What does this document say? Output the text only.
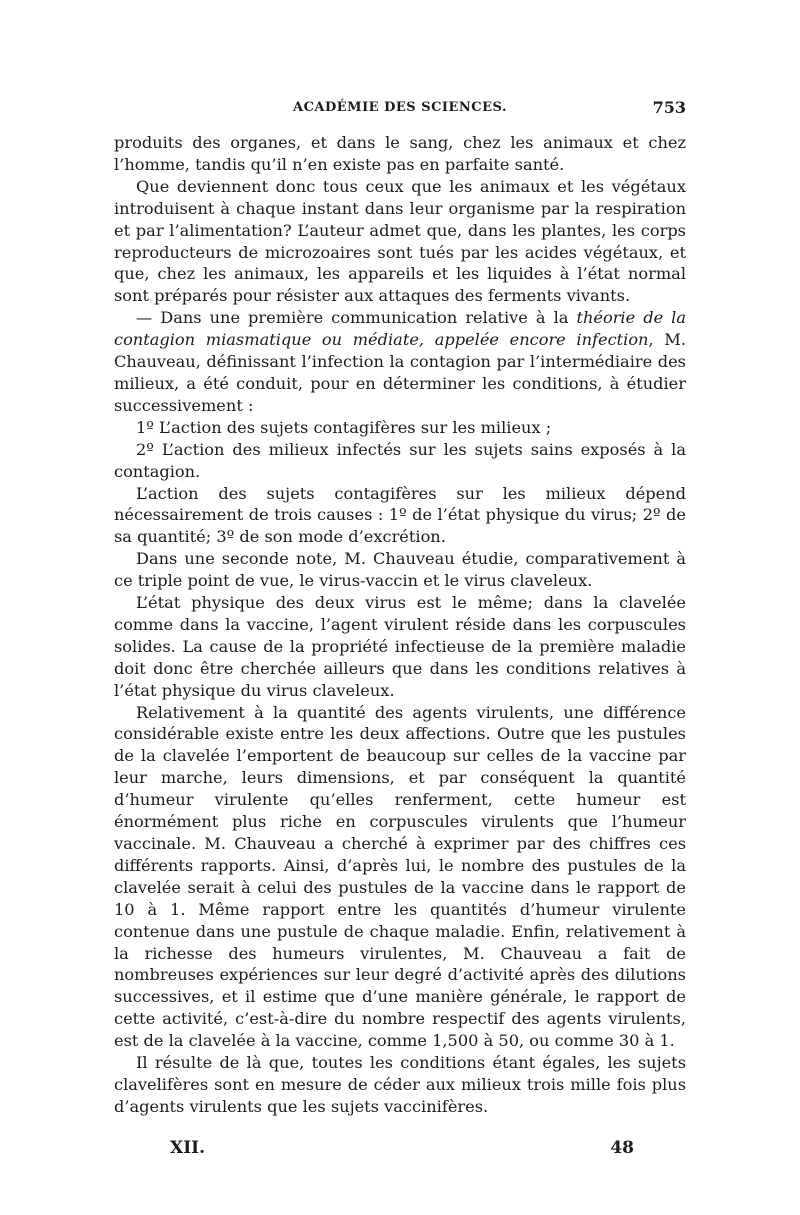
ACADÉMIE DES SCIENCES.	753

produits des organes, et dans le sang, chez les animaux et chez l’homme, tandis qu’il n’en existe pas en parfaite santé.

Que deviennent donc tous ceux que les animaux et les végétaux introduisent à chaque instant dans leur organisme par la respiration et par l’alimentation? L’auteur admet que, dans les plantes, les corps reproducteurs de microzoaires sont tués par les acides végétaux, et que, chez les animaux, les appareils et les liquides à l’état normal sont préparés pour résister aux attaques des ferments vivants.

— Dans une première communication relative à la théorie de la contagion miasmatique ou médiate, appelée encore infection, M. Chauveau, définissant l’infection la contagion par l’intermédiaire des milieux, a été conduit, pour en déterminer les conditions, à étudier successivement :

1º L’action des sujets contagifères sur les milieux ;

2º L’action des milieux infectés sur les sujets sains exposés à la contagion.

L’action des sujets contagifères sur les milieux dépend nécessairement de trois causes : 1º de l’état physique du virus; 2º de sa quantité; 3º de son mode d’excrétion.

Dans une seconde note, M. Chauveau étudie, comparativement à ce triple point de vue, le virus-vaccin et le virus claveleux.

L’état physique des deux virus est le même; dans la clavelée comme dans la vaccine, l’agent virulent réside dans les corpuscules solides. La cause de la propriété infectieuse de la première maladie doit donc être cherchée ailleurs que dans les conditions relatives à l’état physique du virus claveleux.

Relativement à la quantité des agents virulents, une différence considérable existe entre les deux affections. Outre que les pustules de la clavelée l’emportent de beaucoup sur celles de la vaccine par leur marche, leurs dimensions, et par conséquent la quantité d’humeur virulente qu’elles renferment, cette humeur est énormément plus riche en corpuscules virulents que l’humeur vaccinale. M. Chauveau a cherché à exprimer par des chiffres ces différents rapports. Ainsi, d’après lui, le nombre des pustules de la clavelée serait à celui des pustules de la vaccine dans le rapport de 10 à 1. Même rapport entre les quantités d’humeur virulente contenue dans une pustule de chaque maladie. Enfin, relativement à la richesse des humeurs virulentes, M. Chauveau a fait de nombreuses expériences sur leur degré d’activité après des dilutions successives, et il estime que d’une manière générale, le rapport de cette activité, c’est-à-dire du nombre respectif des agents virulents, est de la clavelée à la vaccine, comme 1,500 à 50, ou comme 30 à 1.

Il résulte de là que, toutes les conditions étant égales, les sujets clavelifères sont en mesure de céder aux milieux trois mille fois plus d’agents virulents que les sujets vaccinifères.

XII.	48
